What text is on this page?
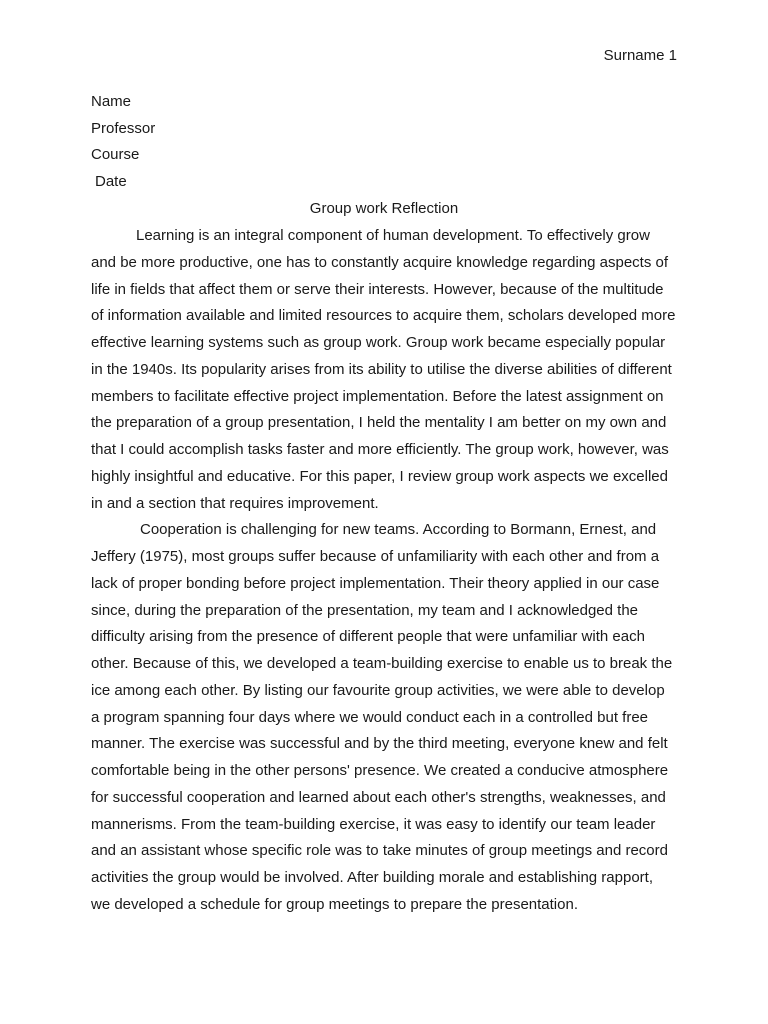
Surname 1
Name
Professor
Course
Date
Group work Reflection
Learning is an integral component of human development. To effectively grow
and be more productive, one has to constantly acquire knowledge regarding aspects of
life in fields that affect them or serve their interests. However, because of the multitude
of information available and limited resources to acquire them, scholars developed more
effective learning systems such as group work. Group work became especially popular
in the 1940s. Its popularity arises from its ability to utilise the diverse abilities of different
members to facilitate effective project implementation. Before the latest assignment on
the preparation of a group presentation, I held the mentality I am better on my own and
that I could accomplish tasks faster and more efficiently. The group work, however, was
highly insightful and educative. For this paper, I review group work aspects we excelled
in and a section that requires improvement.
Cooperation is challenging for new teams. According to Bormann, Ernest, and
Jeffery (1975), most groups suffer because of unfamiliarity with each other and from a
lack of proper bonding before project implementation. Their theory applied in our case
since, during the preparation of the presentation, my team and I acknowledged the
difficulty arising from the presence of different people that were unfamiliar with each
other. Because of this, we developed a team-building exercise to enable us to break the
ice among each other. By listing our favourite group activities, we were able to develop
a program spanning four days where we would conduct each in a controlled but free
manner. The exercise was successful and by the third meeting, everyone knew and felt
comfortable being in the other persons' presence. We created a conducive atmosphere
for successful cooperation and learned about each other's strengths, weaknesses, and
mannerisms. From the team-building exercise, it was easy to identify our team leader
and an assistant whose specific role was to take minutes of group meetings and record
activities the group would be involved. After building morale and establishing rapport,
we developed a schedule for group meetings to prepare the presentation.
